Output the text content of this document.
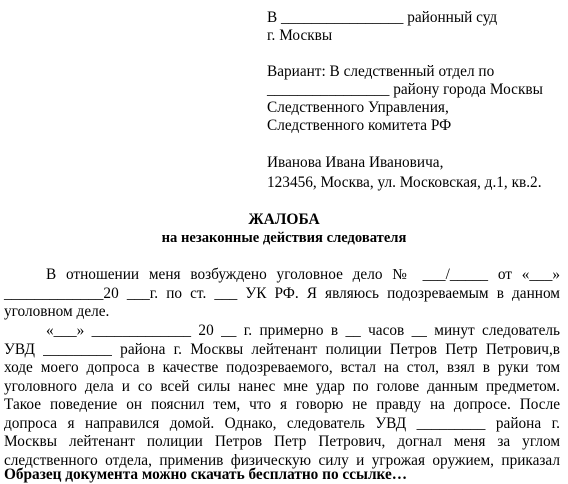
В ________________ районный суд
г. Москвы
Вариант: В следственный отдел по
________________ району города Москвы
Следственного Управления,
Следственного комитета РФ
Иванова Ивана Ивановича,
123456, Москва, ул. Московская, д.1, кв.2.
ЖАЛОБА
на незаконные действия следователя
В отношении меня возбуждено уголовное дело № ___/_____ от «___»
_____________20 ___г. по ст. ___ УК РФ. Я являюсь подозреваемым в данном
уголовном деле.
«___» _____________ 20 __ г. примерно в __ часов __ минут следователь
УВД _________ района г. Москвы лейтенант полиции Петров Петр Петрович,в
ходе моего допроса в качестве подозреваемого, встал на стол, взял в руки том
уголовного дела и со всей силы нанес мне удар по голове данным предметом.
Такое поведение он пояснил тем, что я говорю не правду на допросе. После
допроса я направился домой. Однако, следователь УВД _________ района г.
Москвы лейтенант полиции Петров Петр Петрович, догнал меня за углом
следственного отдела, применив физическую силу и угрожая оружием, приказал
Образец документа можно скачать бесплатно по ссылке…
